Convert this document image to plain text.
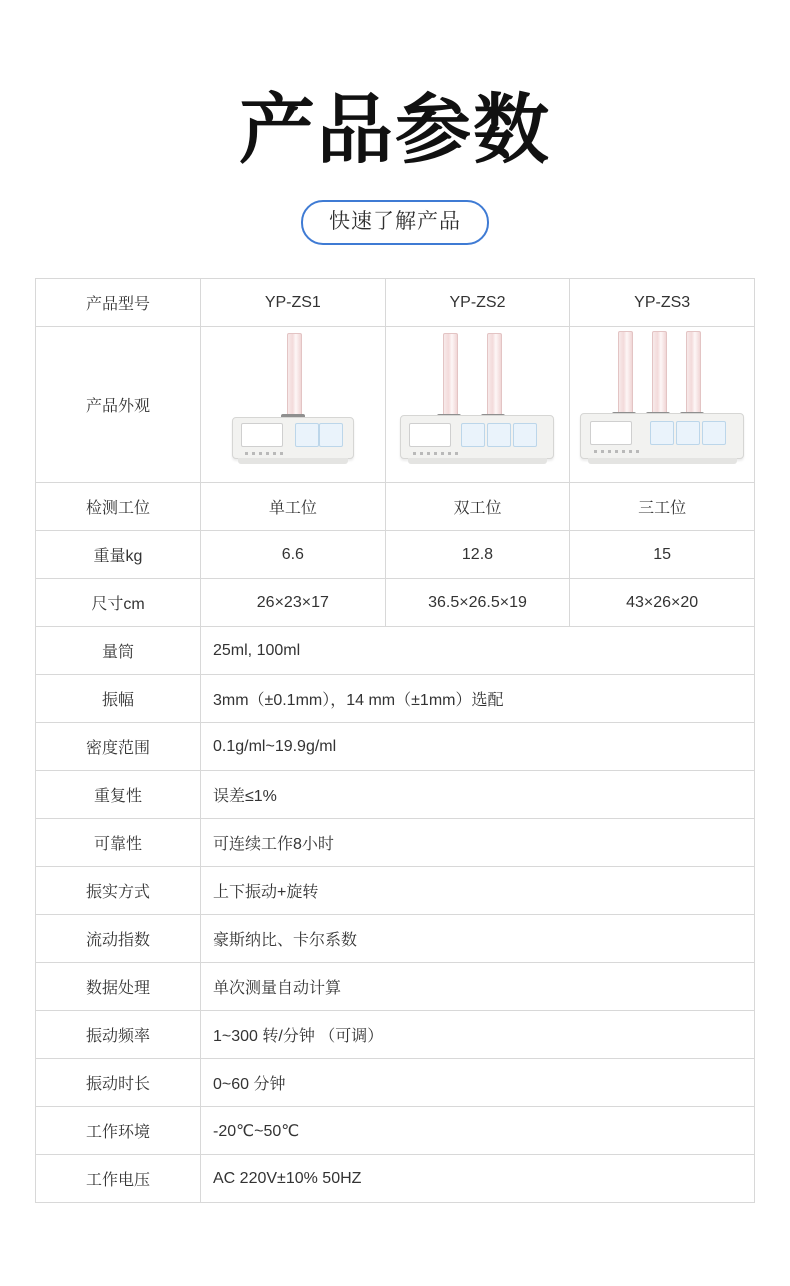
产品参数
快速了解产品
产品型号	YP-ZS1	YP-ZS2	YP-ZS3
产品外观	

检测工位	单工位	双工位	三工位
重量kg	6.6	12.8	15
尺寸cm	26×23×17	36.5×26.5×19	43×26×20
量筒	25ml, 100ml		
振幅	3mm（±0.1mm），14 mm（±1mm）选配		
密度范围	0.1g/ml~19.9g/ml		
重复性	误差≤1%		
可靠性	可连续工作8小时		
振实方式	上下振动+旋转		
流动指数	豪斯纳比、卡尔系数		
数据处理	单次测量自动计算		
振动频率	1~300 转/分钟 （可调）		
振动时长	0~60 分钟		
工作环境	-20℃~50℃		
工作电压	AC 220V±10% 50HZ		
